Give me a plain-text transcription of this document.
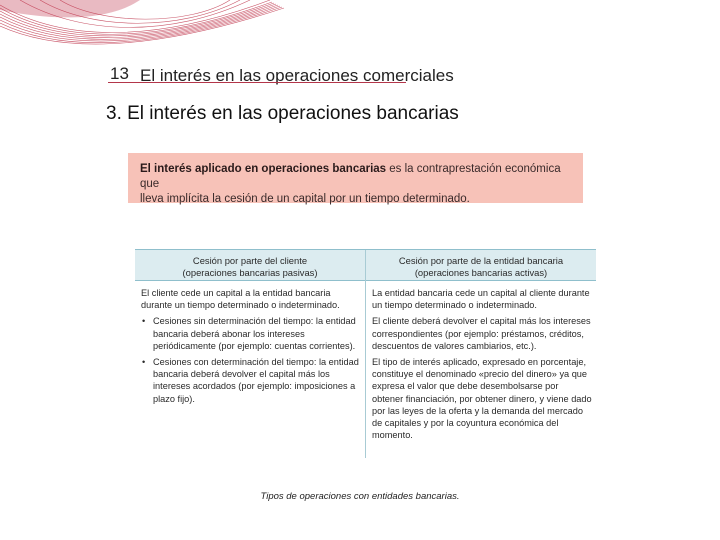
13 El interés en las operaciones comerciales
3. El interés en las operaciones bancarias
El interés aplicado en operaciones bancarias es la contraprestación económica que
lleva implícita la cesión de un capital por un tiempo determinado.
Cesión por parte del cliente
(operaciones bancarias pasivas)

El cliente cede un capital a la entidad bancaria durante un tiempo determinado o indeterminado.

• Cesiones sin determinación del tiempo: la entidad bancaria deberá abonar los intereses periódicamente (por ejemplo: cuentas corrientes).
• Cesiones con determinación del tiempo: la entidad bancaria deberá devolver el capital más los intereses acordados (por ejemplo: imposiciones a plazo fijo).
Cesión por parte de la entidad bancaria
(operaciones bancarias activas)

La entidad bancaria cede un capital al cliente durante un tiempo determinado o indeterminado.

El cliente deberá devolver el capital más los intereses correspondientes (por ejemplo: préstamos, créditos, descuentos de valores cambiarios, etc.).

El tipo de interés aplicado, expresado en porcentaje, constituye el denominado «precio del dinero» ya que expresa el valor que debe desembolsarse por obtener financiación, por obtener dinero, y viene dado por las leyes de la oferta y la demanda del mercado de capitales y por la coyuntura económica del momento.

Tipos de operaciones con entidades bancarias.
